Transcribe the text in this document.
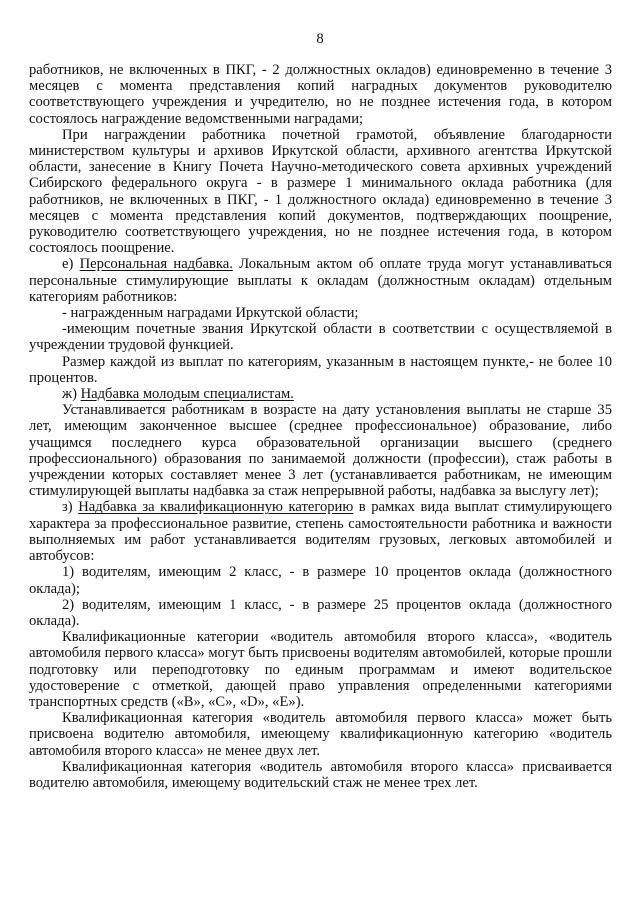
8

работников, не включенных в ПКГ, - 2 должностных окладов) единовременно в течение 3 месяцев с момента представления копий наградных документов руководителю соответствующего учреждения и учредителю, но не позднее истечения года, в котором состоялось награждение ведомственными наградами;

При награждении работника почетной грамотой, объявление благодарности министерством культуры и архивов Иркутской области, архивного агентства Иркутской области, занесение в Книгу Почета Научно-методического совета архивных учреждений Сибирского федерального округа - в размере 1 минимального оклада работника (для работников, не включенных в ПКГ, - 1 должностного оклада) единовременно в течение 3 месяцев с момента представления копий документов, подтверждающих поощрение, руководителю соответствующего учреждения, но не позднее истечения года, в котором состоялось поощрение.

е) Персональная надбавка. Локальным актом об оплате труда могут устанавливаться персональные стимулирующие выплаты к окладам (должностным окладам) отдельным категориям работников:

- награжденным наградами Иркутской области;

-имеющим почетные звания Иркутской области в соответствии с осуществляемой в учреждении трудовой функцией.

Размер каждой из выплат по категориям, указанным в настоящем пункте,- не более 10 процентов.

ж) Надбавка молодым специалистам.

Устанавливается работникам в возрасте на дату установления выплаты не старше 35 лет, имеющим законченное высшее (среднее профессиональное) образование, либо учащимся последнего курса образовательной организации высшего (среднего профессионального) образования по занимаемой должности (профессии), стаж работы в учреждении которых составляет менее 3 лет (устанавливается работникам, не имеющим стимулирующей выплаты надбавка за стаж непрерывной работы, надбавка за выслугу лет);

з) Надбавка за квалификационную категорию в рамках вида выплат стимулирующего характера за профессиональное развитие, степень самостоятельности работника и важности выполняемых им работ устанавливается водителям грузовых, легковых автомобилей и автобусов:

1) водителям, имеющим 2 класс, - в размере 10 процентов оклада (должностного оклада);

2) водителям, имеющим 1 класс, - в размере 25 процентов оклада (должностного оклада).

Квалификационные категории «водитель автомобиля второго класса», «водитель автомобиля первого класса» могут быть присвоены водителям автомобилей, которые прошли подготовку или переподготовку по единым программам и имеют водительское удостоверение с отметкой, дающей право управления определенными категориями транспортных средств («В», «С», «D», «Е»).

Квалификационная категория «водитель автомобиля первого класса» может быть присвоена водителю автомобиля, имеющему квалификационную категорию «водитель автомобиля второго класса» не менее двух лет.

Квалификационная категория «водитель автомобиля второго класса» присваивается водителю автомобиля, имеющему водительский стаж не менее трех лет.
